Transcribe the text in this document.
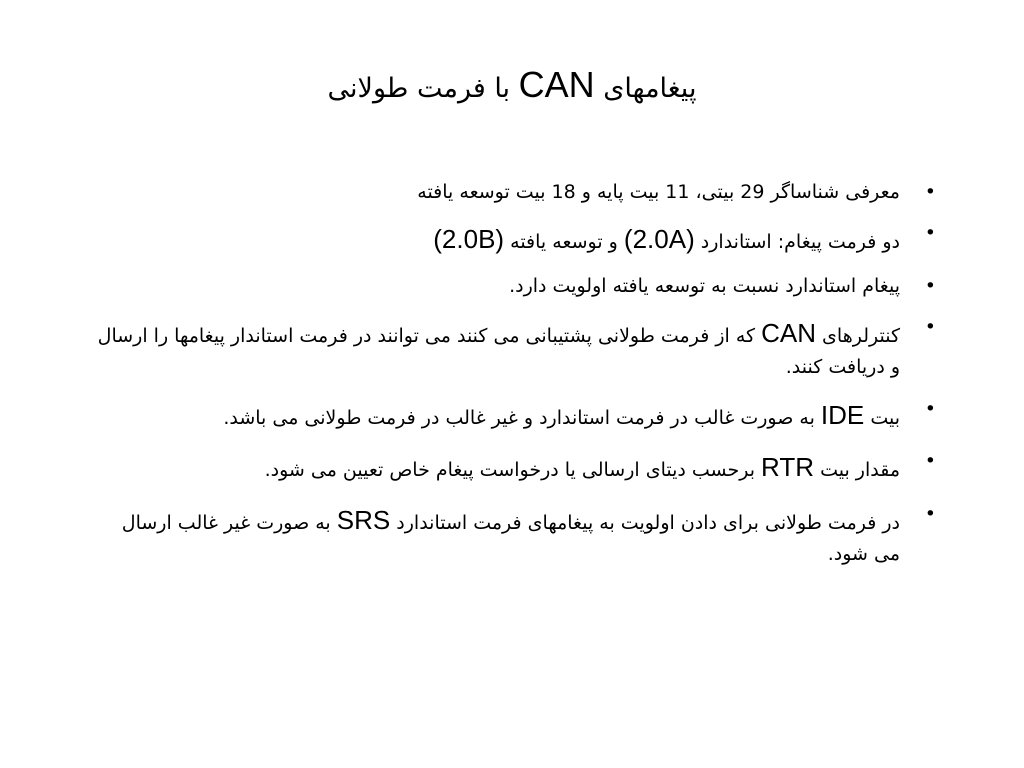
پیغامهای CAN با فرمت طولانی
•
معرفی شناساگر 29 بیتی، 11 بیت پایه و 18 بیت توسعه یافته
•
دو فرمت پیغام: استاندارد (2.0A) و توسعه یافته (2.0B)
•
پیغام استاندارد نسبت به توسعه یافته اولویت دارد.
•
کنترلرهای CAN که از فرمت طولانی پشتیبانی می کنند می توانند در فرمت استاندار پیغامها را ارسال و دریافت کنند.
•
بیت IDE به صورت غالب در فرمت استاندارد و غیر غالب در فرمت طولانی می باشد.
•
مقدار بیت RTR برحسب دیتای ارسالی یا درخواست پیغام خاص تعیین می شود.
•
در فرمت طولانی برای دادن اولویت به پیغامهای فرمت استاندارد SRS به صورت غیر غالب ارسال می شود.
